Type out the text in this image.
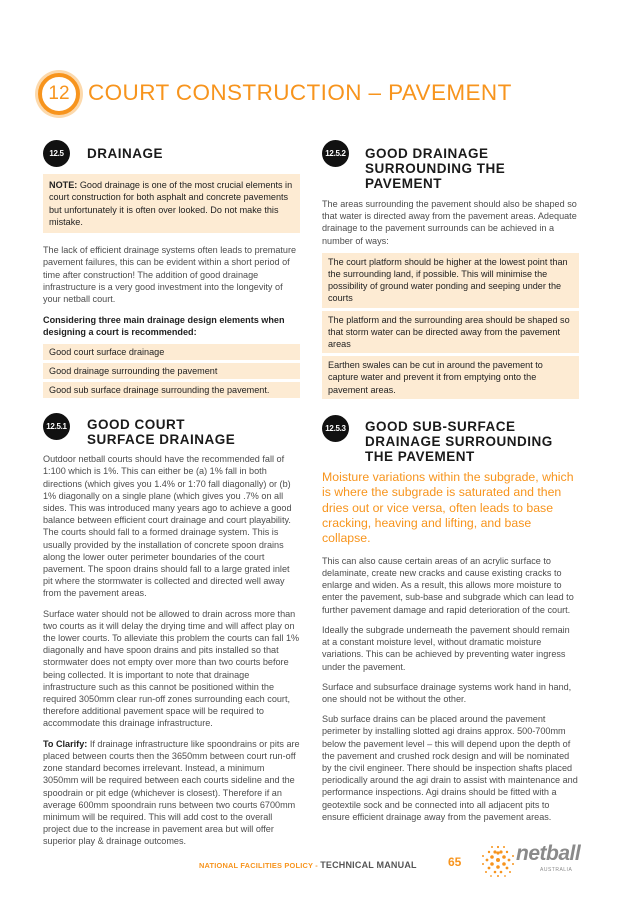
12 COURT CONSTRUCTION – PAVEMENT
12.5	DRAINAGE
NOTE: Good drainage is one of the most crucial elements in court construction for both asphalt and concrete pavements but unfortunately it is often over looked. Do not make this mistake.

The lack of efficient drainage systems often leads to premature pavement failures, this can be evident within a short period of time after construction! The addition of good drainage infrastructure is a very good investment into the longevity of your netball court.

Considering three main drainage design elements when designing a court is recommended:

Good court surface drainage
Good drainage surrounding the pavement
Good sub surface drainage surrounding the pavement.
12.5.1 GOOD COURT
SURFACE DRAINAGE

Outdoor netball courts should have the recommended fall of 1:100 which is 1%. This can either be (a) 1% fall in both directions (which gives you 1.4% or 1:70 fall diagonally) or (b) 1% diagonally on a single plane (which gives you .7% on all sides. This was introduced many years ago to achieve a good balance between efficient court drainage and court playability. The courts should fall to a formed drainage system. This is usually provided by the installation of concrete spoon drains along the lower outer perimeter boundaries of the court pavement. The spoon drains should fall to a large grated inlet pit where the stormwater is collected and directed well away from the pavement areas.

Surface water should not be allowed to drain across more than two courts as it will delay the drying time and will affect play on the lower courts. To alleviate this problem the courts can fall 1% diagonally and have spoon drains and pits installed so that stormwater does not empty over more than two courts before being collected. It is important to note that drainage infrastructure such as this cannot be positioned within the required 3050mm clear run-off zones surrounding each court, therefore additional pavement space will be required to accommodate this drainage infrastructure.

To Clarify: If drainage infrastructure like spoondrains or pits are placed between courts then the 3650mm between court run-off zone standard becomes irrelevant. Instead, a minimum 3050mm will be required between each courts sideline and the spoodrain or pit edge (whichever is closest). Therefore if an average 600mm spoondrain runs between two courts 6700mm minimum will be required. This will add cost to the overall project due to the increase in pavement area but will offer superior play & drainage outcomes.

12.5.2 GOOD DRAINAGE
SURROUNDING THE PAVEMENT

The areas surrounding the pavement should also be shaped so that water is directed away from the pavement areas. Adequate drainage to the pavement surrounds can be achieved in a number of ways:

The court platform should be higher at the lowest point than the surrounding land, if possible. This will minimise the possibility of ground water ponding and seeping under the courts
The platform and the surrounding area should be shaped so that storm water can be directed away from the pavement areas
Earthen swales can be cut in around the pavement to capture water and prevent it from emptying onto the pavement areas.
12.5.3 GOOD SUB-SURFACE
DRAINAGE SURROUNDING
THE PAVEMENT

Moisture variations within the subgrade, which is where the subgrade is saturated and then dries out or vice versa, often leads to base cracking, heaving and lifting, and base collapse.

This can also cause certain areas of an acrylic surface to delaminate, create new cracks and cause existing cracks to enlarge and widen. As a result, this allows more moisture to enter the pavement, sub-base and subgrade which can lead to further pavement damage and rapid deterioration of the court.

Ideally the subgrade underneath the pavement should remain at a constant moisture level, without dramatic moisture variations. This can be achieved by preventing water ingress under the pavement.

Surface and subsurface drainage systems work hand in hand, one should not be without the other.

Sub surface drains can be placed around the pavement perimeter by installing slotted agi drains approx. 500-700mm below the pavement level – this will depend upon the depth of the pavement and crushed rock design and will be nominated by the civil engineer. There should be inspection shafts placed periodically around the agi drain to assist with maintenance and performance inspections. Agi drains should be fitted with a geotextile sock and be connected into all adjacent pits to ensure efficient drainage away from the pavement areas.

NATIONAL FACILITIES POLICY - TECHNICAL MANUAL	65	netball
AUSTRALIA
